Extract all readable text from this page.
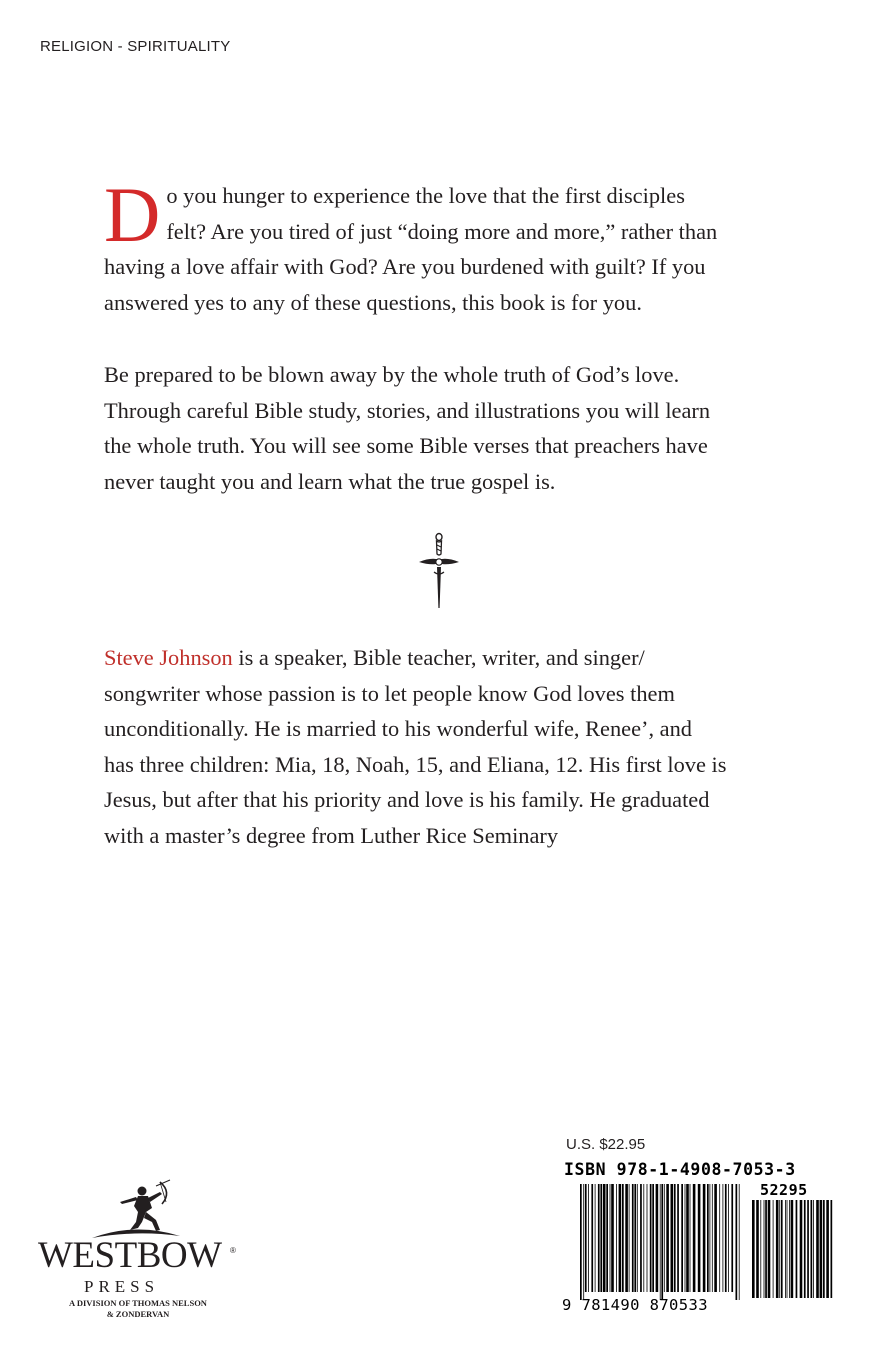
RELIGION - SPIRITUALITY
D o you hunger to experience the love that the first disciples
felt? Are you tired of just “doing more and more,” rather than
having a love affair with God? Are you burdened with guilt? If you
answered yes to any of these questions, this book is for you.
Be prepared to be blown away by the whole truth of God’s love.
Through careful Bible study, stories, and illustrations you will learn
the whole truth. You will see some Bible verses that preachers have
never taught you and learn what the true gospel is.
Steve Johnson is a speaker, Bible teacher, writer, and singer/
songwriter whose passion is to let people know God loves them
unconditionally. He is married to his wonderful wife, Renee’, and
has three children: Mia, 18, Noah, 15, and Eliana, 12. His first love is
Jesus, but after that his priority and love is his family. He graduated
with a master’s degree from Luther Rice Seminary
WESTBOW ®
PRESS
A DIVISION OF THOMAS NELSON
& ZONDERVAN
U.S. $22.95
ISBN 978-1-4908-7053-3
52295
9 781490 870533
